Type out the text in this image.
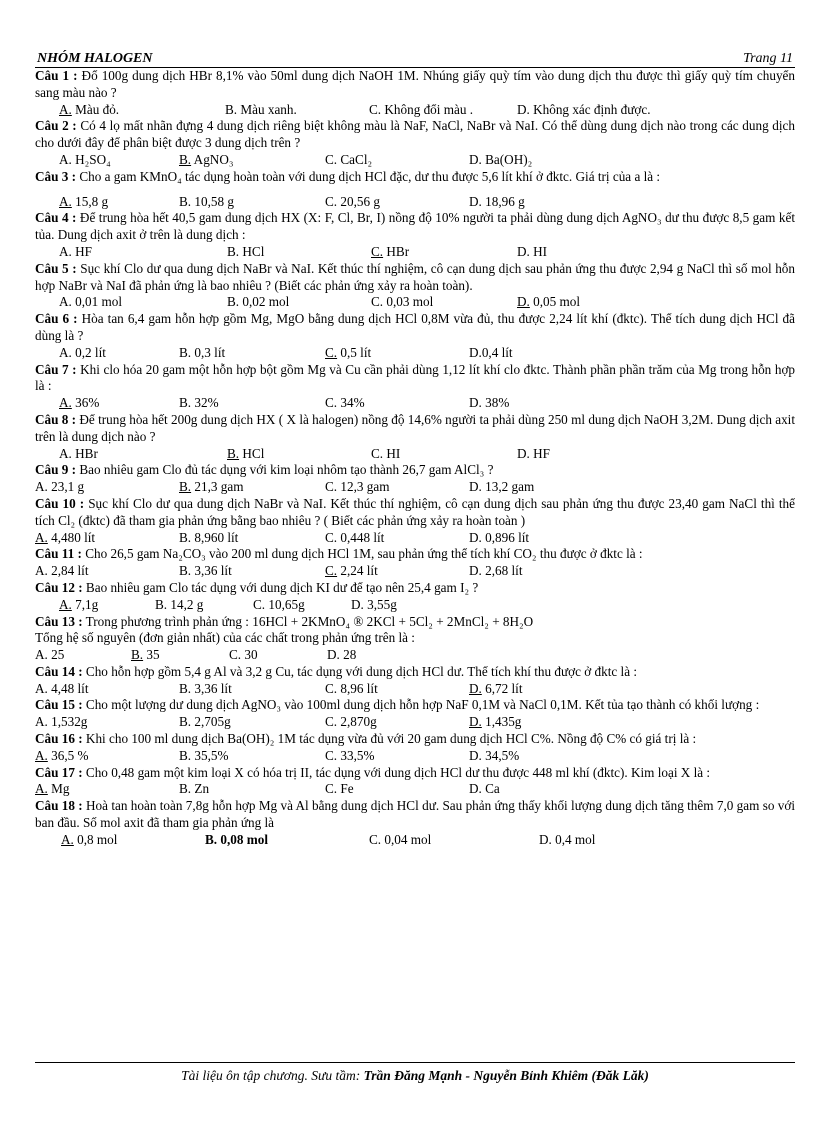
NHÓM HALOGEN	Trang 11
Câu 1 : Đổ 100g dung dịch HBr 8,1% vào 50ml dung dịch NaOH 1M. Nhúng giấy quỳ tím vào dung dịch thu được thì giấy quỳ tím chuyển sang màu nào ?
A. Màu đỏ.	B. Màu xanh.	C. Không đổi màu .	D. Không xác định được.
Câu 2 : Có 4 lọ mất nhãn đựng 4 dung dịch riêng biệt không màu là NaF, NaCl, NaBr và NaI. Có thể dùng dung dịch nào trong các dung dịch cho dưới đây để phân biệt được 3 dung dịch trên ?
A. H₂SO₄	B. AgNO₃	C. CaCl₂	D. Ba(OH)₂
Câu 3 : Cho a gam KMnO₄ tác dụng hoàn toàn với dung dịch HCl đặc, dư thu được 5,6 lít khí ở đktc. Giá trị của a là :
A. 15,8 g	B. 10,58 g	C. 20,56 g	D. 18,96 g
Câu 4 : Để trung hòa hết 40,5 gam dung dịch HX (X: F, Cl, Br, I) nồng độ 10% người ta phải dùng dung dịch AgNO₃ dư thu được 8,5 gam kết tủa. Dung dịch axit ở trên là dung dịch :
A. HF	B. HCl	C. HBr	D. HI
Câu 5 : Sục khí Clo dư qua dung dịch NaBr và NaI. Kết thúc thí nghiệm, cô cạn dung dịch sau phản ứng thu được 2,94 g NaCl thì số mol hỗn hợp NaBr và NaI đã phản ứng là bao nhiêu ? (Biết các phản ứng xảy ra hoàn toàn).
A. 0,01 mol	B. 0,02 mol	C. 0,03 mol	D. 0,05 mol
Câu 6 : Hòa tan 6,4 gam hỗn hợp gồm Mg, MgO bằng dung dịch HCl 0,8M vừa đủ, thu được 2,24 lít khí (đktc). Thể tích dung dịch HCl đã dùng là ?
A. 0,2 lít	B. 0,3 lít	C. 0,5 lít	D.0,4 lít
Câu 7 : Khi clo hóa 20 gam một hỗn hợp bột gồm Mg và Cu cần phải dùng 1,12 lít khí clo đktc. Thành phần phần trăm của Mg trong hỗn hợp là :
A. 36%	B. 32%	C. 34%	D. 38%
Câu 8 : Để trung hòa hết 200g dung dịch HX ( X là halogen) nồng độ 14,6% người ta phải dùng 250 ml dung dịch NaOH 3,2M. Dung dịch axit trên là dung dịch nào ?
A. HBr	B. HCl	C. HI	D. HF
Câu 9 : Bao nhiêu gam Clo đủ tác dụng với kim loại nhôm tạo thành 26,7 gam AlCl₃ ?
A. 23,1 g	B. 21,3 gam	C. 12,3 gam	D. 13,2 gam
Câu 10 : Sục khí Clo dư qua dung dịch NaBr và NaI. Kết thúc thí nghiệm, cô cạn dung dịch sau phản ứng thu được 23,40 gam NaCl thì thể tích Cl₂ (đktc) đã tham gia phản ứng bằng bao nhiêu ? ( Biết các phản ứng xảy ra hoàn toàn )
A. 4,480 lít	B. 8,960 lít	C. 0,448 lít	D. 0,896 lít
Câu 11 : Cho 26,5 gam Na₂CO₃ vào 200 ml dung dịch HCl 1M, sau phản ứng thể tích khí CO₂ thu được ở đktc là :
A. 2,84 lít	B. 3,36 lít	C. 2,24 lít	D. 2,68 lít
Câu 12 : Bao nhiêu gam Clo tác dụng với dung dịch KI dư để tạo nên 25,4 gam I₂ ?
A. 7,1g	B. 14,2 g	C. 10,65g	D. 3,55g
Câu 13 : Trong phương trình phản ứng : 16HCl + 2KMnO₄ ® 2KCl + 5Cl₂ + 2MnCl₂ + 8H₂O
Tổng hệ số nguyên (đơn giản nhất) của các chất trong phản ứng trên là :
A. 25	B. 35	C. 30	D. 28
Câu 14 : Cho hỗn hợp gồm 5,4 g Al và 3,2 g Cu, tác dụng với dung dịch HCl dư. Thể tích khí thu được ở đktc là :
A. 4,48 lít	B. 3,36 lít	C. 8,96 lít	D. 6,72 lít
Câu 15 : Cho một lượng dư dung dịch AgNO₃ vào 100ml dung dịch hỗn hợp NaF 0,1M và NaCl 0,1M. Kết tủa tạo thành có khối lượng :
A. 1,532g	B. 2,705g	C. 2,870g	D. 1,435g
Câu 16 : Khi cho 100 ml dung dịch Ba(OH)₂ 1M tác dụng vừa đủ với 20 gam dung dịch HCl C%. Nồng độ C% có giá trị là :
A. 36,5 %	B. 35,5%	C. 33,5%	D. 34,5%
Câu 17 : Cho 0,48 gam một kim loại X có hóa trị II, tác dụng với dung dịch HCl dư thu được 448 ml khí (đktc). Kim loại X là :
A. Mg	B. Zn	C. Fe	D. Ca
Câu 18 : Hoà tan hoàn toàn 7,8g hỗn hợp Mg và Al bằng dung dịch HCl dư. Sau phản ứng thấy khối lượng dung dịch tăng thêm 7,0 gam so với ban đầu. Số mol axit đã tham gia phản ứng là
A. 0,8 mol	B. 0,08 mol	C. 0,04 mol	D. 0,4 mol
Tài liệu ôn tập chương. Sưu tầm: Trần Đăng Mạnh - Nguyễn Bỉnh Khiêm (Đăk Lăk)
